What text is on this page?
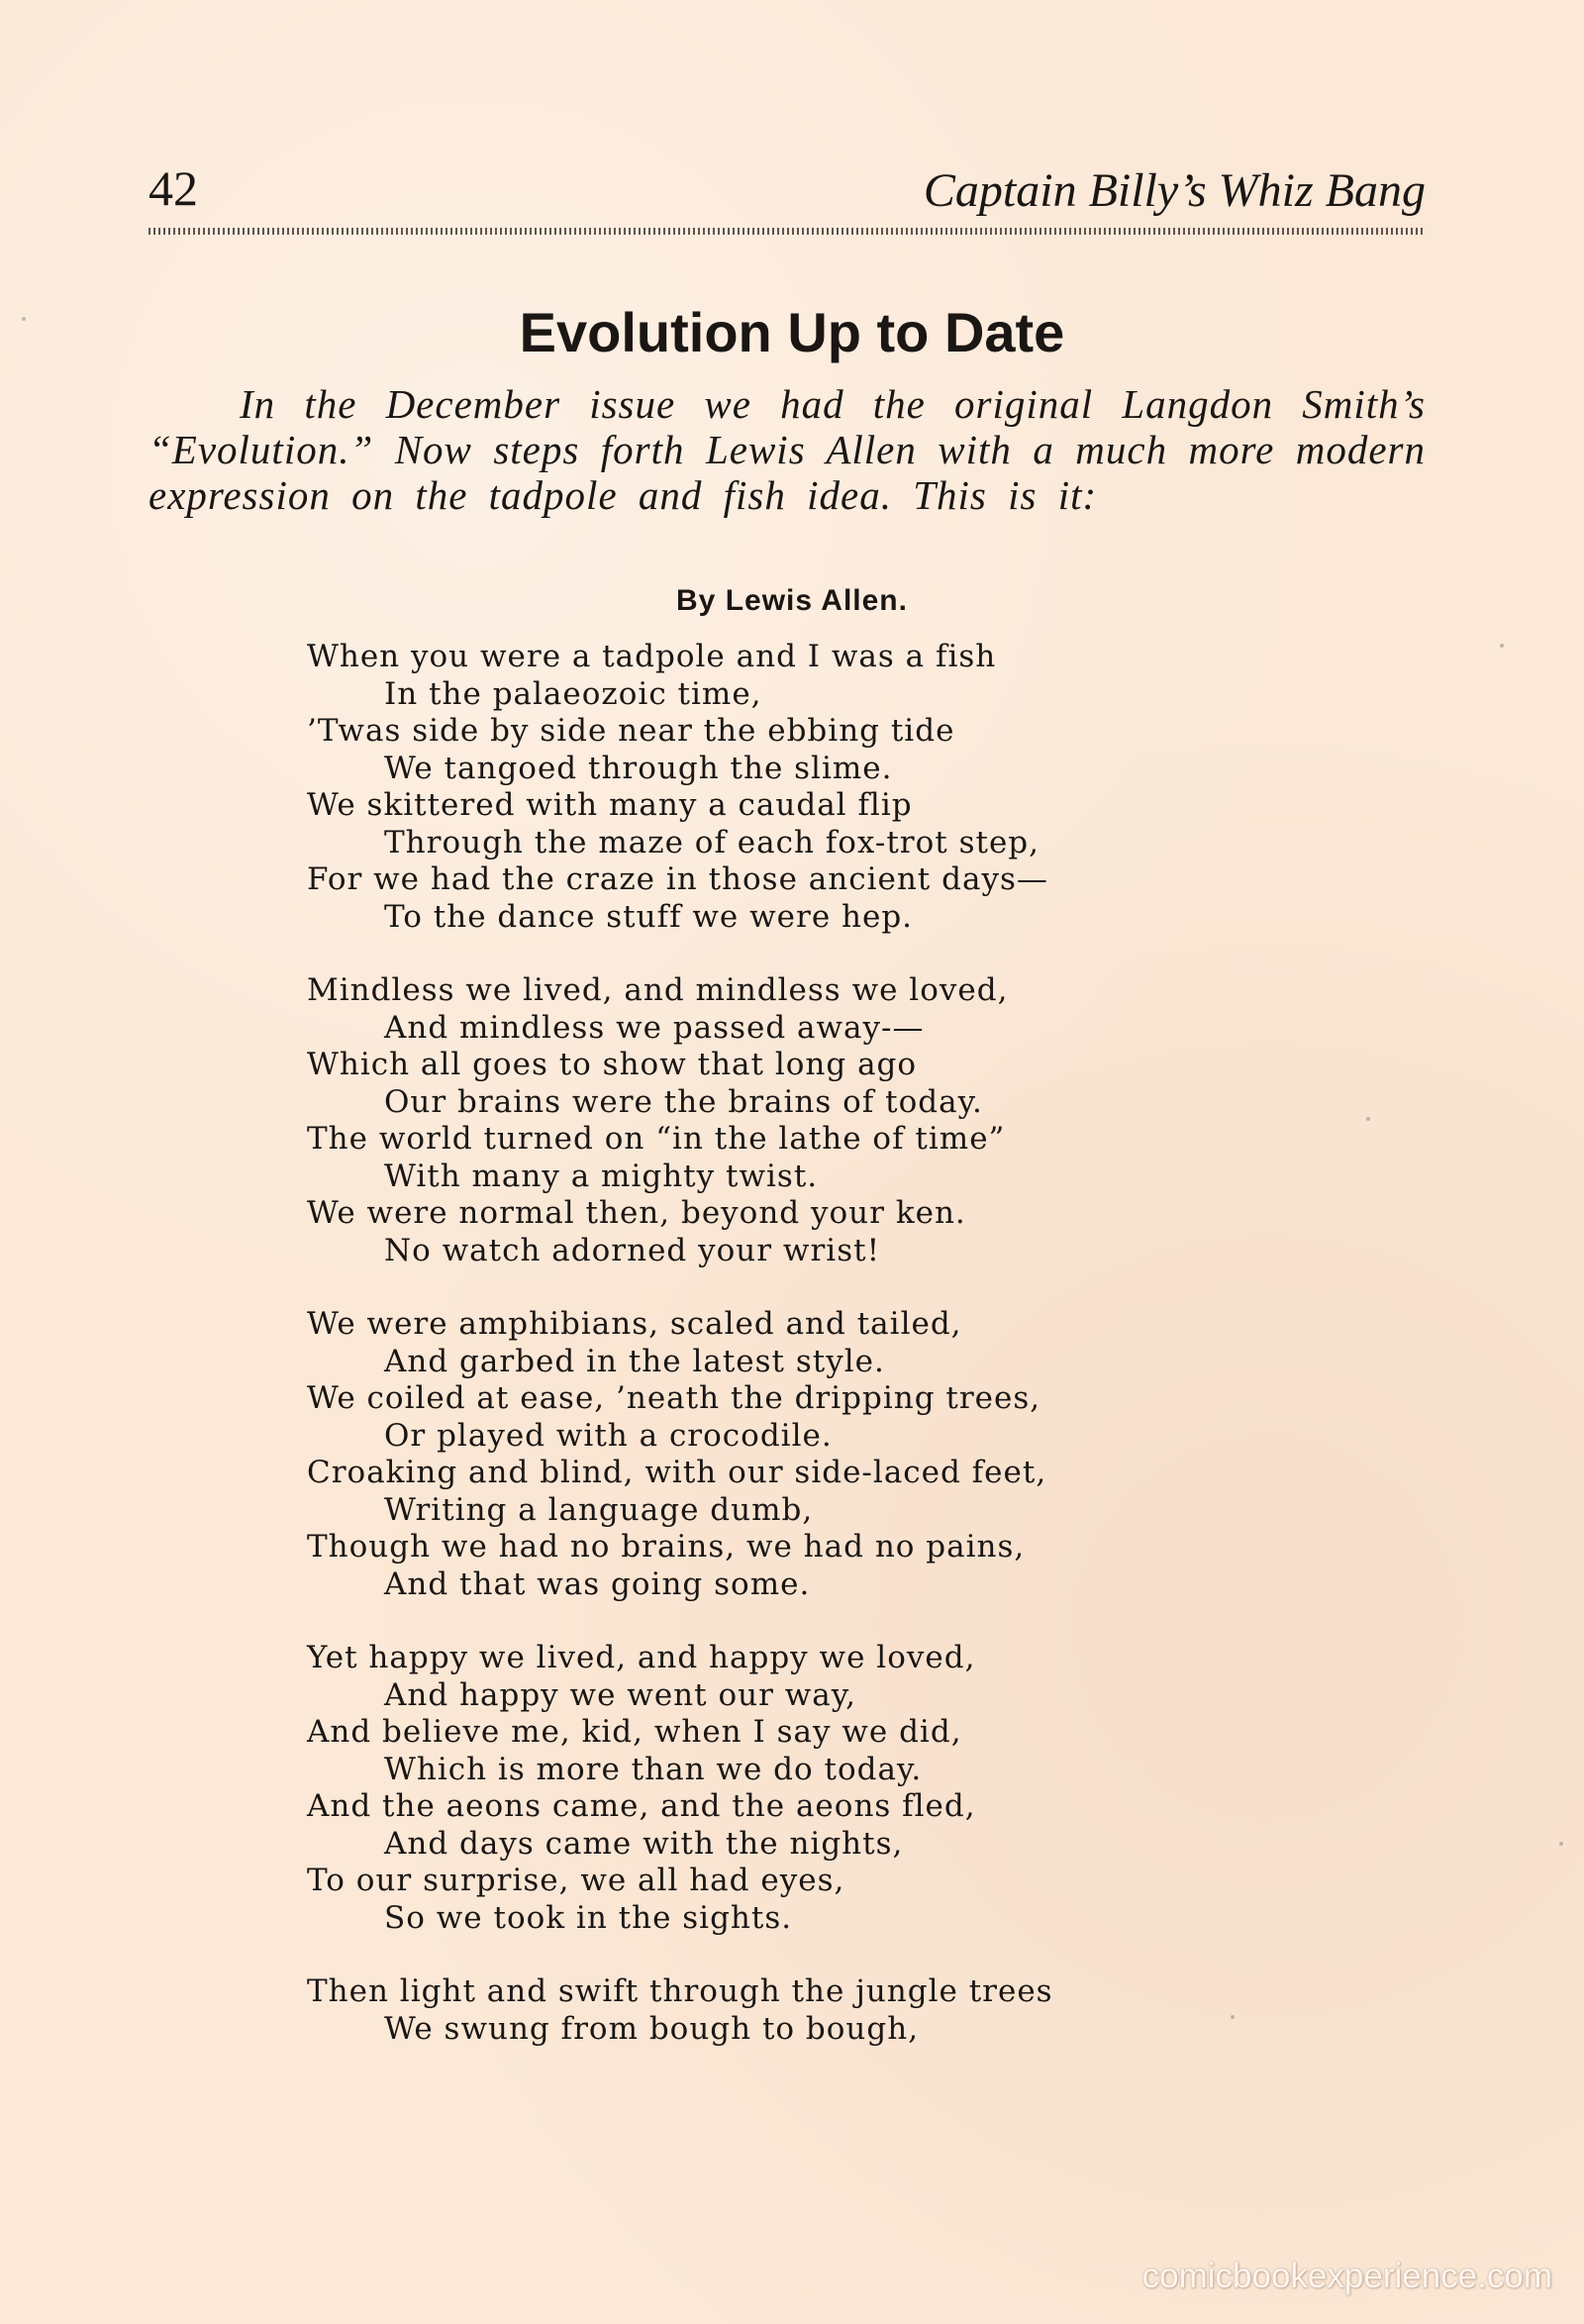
42	Captain Billy’s Whiz Bang
Evolution Up to Date
In the December issue we had the original Langdon Smith’s “Evolution.” Now steps forth Lewis Allen with a much more modern expression on the tadpole and fish idea. This is it:
By Lewis Allen.
When you were a tadpole and I was a fish
In the palaeozoic time,
’Twas side by side near the ebbing tide
We tangoed through the slime.
We skittered with many a caudal flip
Through the maze of each fox-trot step,
For we had the craze in those ancient days—
To the dance stuff we were hep.
Mindless we lived, and mindless we loved,
And mindless we passed away-—
Which all goes to show that long ago
Our brains were the brains of today.
The world turned on “in the lathe of time”
With many a mighty twist.
We were normal then, beyond your ken.
No watch adorned your wrist!
We were amphibians, scaled and tailed,
And garbed in the latest style.
We coiled at ease, ’neath the dripping trees,
Or played with a crocodile.
Croaking and blind, with our side-laced feet,
Writing a language dumb,
Though we had no brains, we had no pains,
And that was going some.
Yet happy we lived, and happy we loved,
And happy we went our way,
And believe me, kid, when I say we did,
Which is more than we do today.
And the aeons came, and the aeons fled,
And days came with the nights,
To our surprise, we all had eyes,
So we took in the sights.
Then light and swift through the jungle trees
We swung from bough to bough,
comicbookexperience.com
